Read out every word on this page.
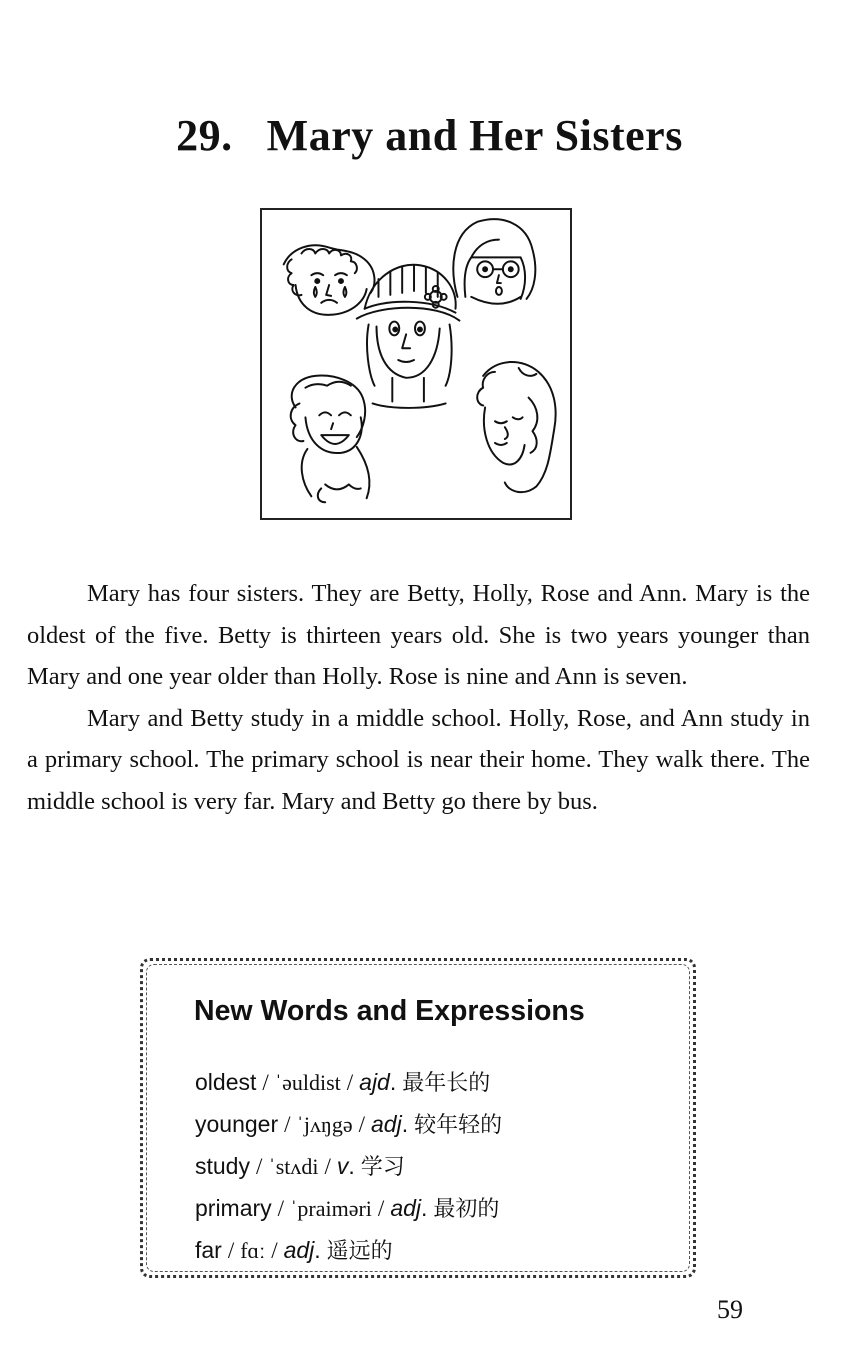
29. Mary and Her Sisters

Mary has four sisters. They are Betty, Holly, Rose and Ann. Mary is the oldest of the five. Betty is thirteen years old. She is two years younger than Mary and one year older than Holly. Rose is nine and Ann is seven.

Mary and Betty study in a middle school. Holly, Rose, and Ann study in a primary school. The primary school is near their home. They walk there. The middle school is very far. Mary and Betty go there by bus.

New Words and Expressions
oldest / ˈəuldist / ajd. 最年长的
younger / ˈjʌŋgə / adj. 较年轻的
study / ˈstʌdi / v. 学习
primary / ˈpraiməri / adj. 最初的
far / fɑː / adj. 遥远的
59
